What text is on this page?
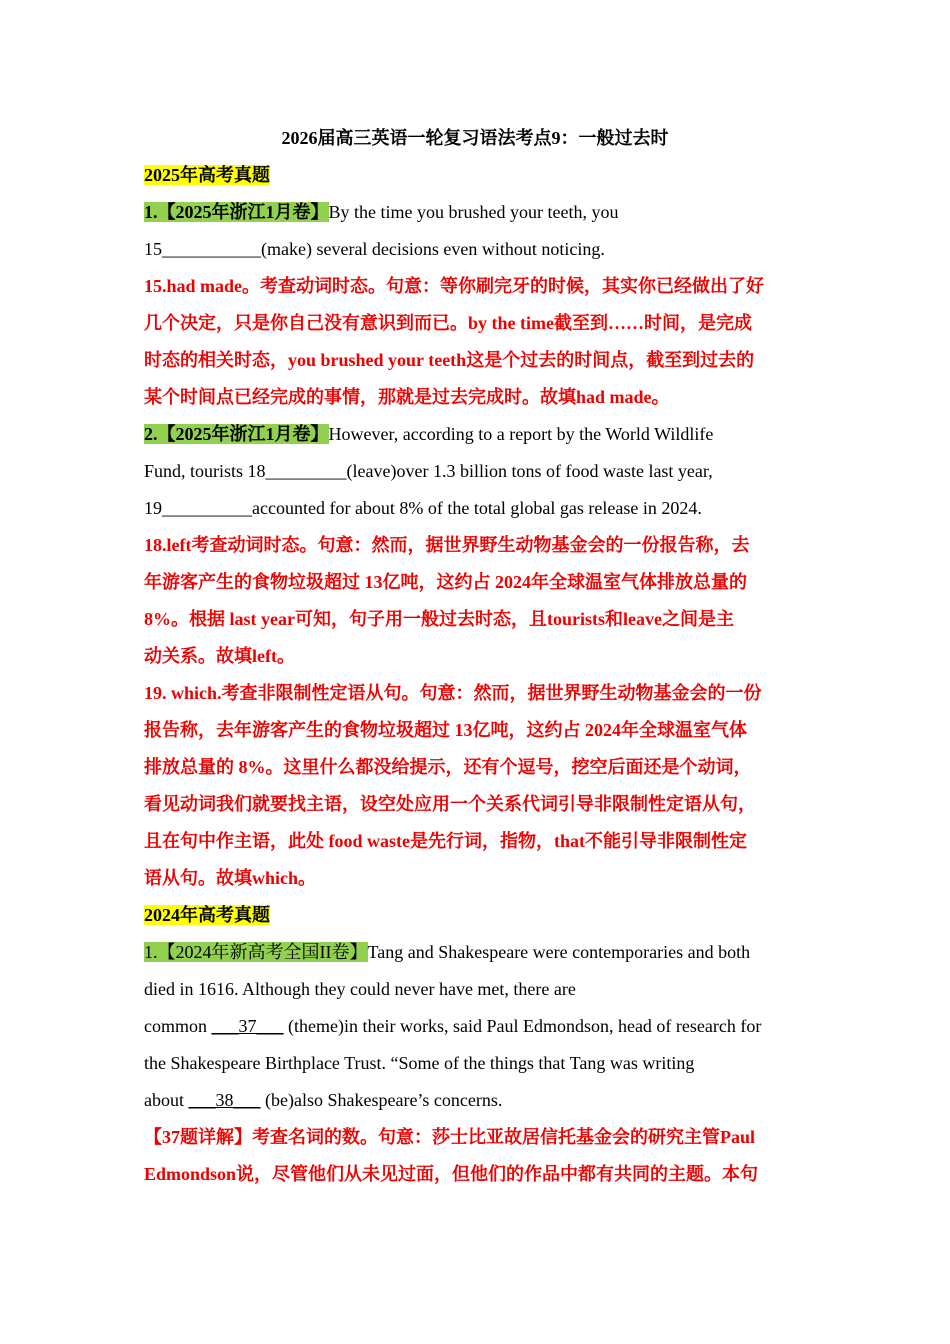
2026届高三英语一轮复习语法考点9：一般过去时

2025年高考真题

1.【2025年浙江1月卷】By the time you brushed your teeth, you

15___________(make) several decisions even without noticing.

15.had made。考查动词时态。句意：等你刷完牙的时候，其实你已经做出了好

几个决定，只是你自己没有意识到而已。by the time截至到……时间，是完成

时态的相关时态，you brushed your teeth这是个过去的时间点，截至到过去的

某个时间点已经完成的事情，那就是过去完成时。故填had made。

2.【2025年浙江1月卷】However, according to a report by the World Wildlife

Fund, tourists 18_________(leave)over 1.3 billion tons of food waste last year,

19__________accounted for about 8% of the total global gas release in 2024.

18.left考查动词时态。句意：然而，据世界野生动物基金会的一份报告称，去

年游客产生的食物垃圾超过 13亿吨，这约占 2024年全球温室气体排放总量的

8%。根据 last year可知，句子用一般过去时态，且tourists和leave之间是主

动关系。故填left。

19. which.考查非限制性定语从句。句意：然而，据世界野生动物基金会的一份

报告称，去年游客产生的食物垃圾超过 13亿吨，这约占 2024年全球温室气体

排放总量的 8%。这里什么都没给提示，还有个逗号，挖空后面还是个动词，

看见动词我们就要找主语，设空处应用一个关系代词引导非限制性定语从句，

且在句中作主语，此处 food waste是先行词，指物，that不能引导非限制性定

语从句。故填which。

2024年高考真题

1.【2024年新高考全国II卷】Tang and Shakespeare were contemporaries and both

died in 1616. Although they could never have met, there are

common ___37___ (theme)in their works, said Paul Edmondson, head of research for

the Shakespeare Birthplace Trust. “Some of the things that Tang was writing

about ___38___ (be)also Shakespeare’s concerns.

【37题详解】考查名词的数。句意：莎士比亚故居信托基金会的研究主管Paul

Edmondson说，尽管他们从未见过面，但他们的作品中都有共同的主题。本句
